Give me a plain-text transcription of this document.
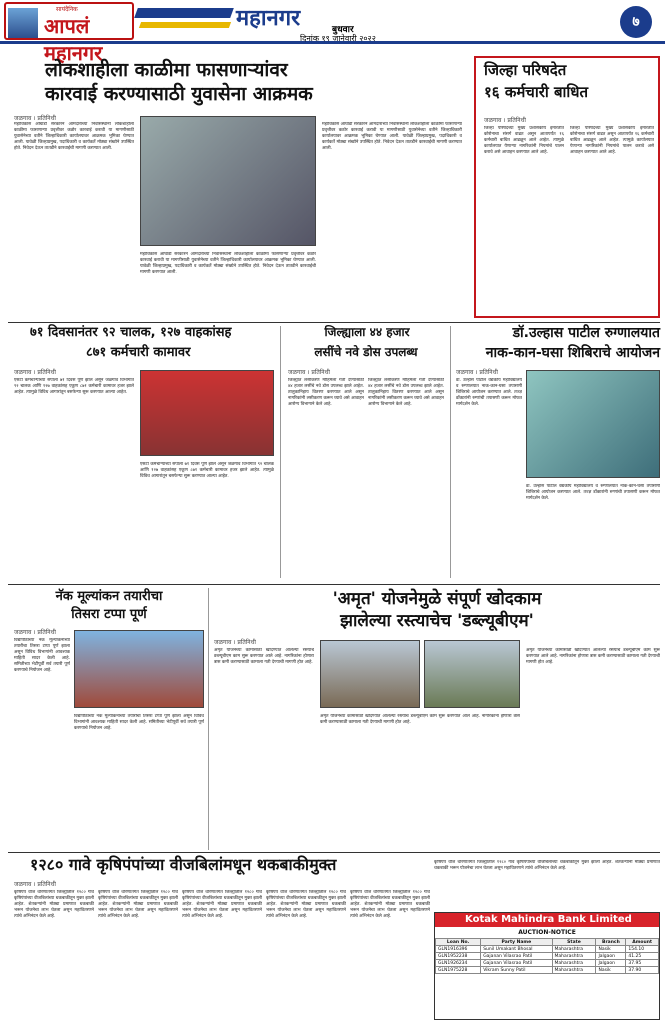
सायंदैनिक
आपलं महानगर
महानगर	बुधवार
दिनांक १९ जानेवारी २०२२
७
लोकशाहीला काळीमा फासणाऱ्यांवर
कारवाई करण्यासाठी युवासेना आक्रमक
जळगाव । प्रतिनिधी
महाविकास आघाडी सरकारने आमदारांच्या निवासस्थानी लोकशाहीला काळीमा फासणाऱ्या प्रवृत्तीवर कठोर कारवाई करावी या मागणीसाठी युवासेनेच्या वतीने जिल्हाधिकारी कार्यालयावर आक्रमक भूमिका घेण्यात आली. यावेळी जिल्हाप्रमुख, पदाधिकारी व कार्यकर्ते मोठ्या संख्येने उपस्थित होते. निवेदन देऊन तातडीने कारवाईची मागणी करण्यात आली.
महाविकास आघाडी सरकारने आमदारांच्या निवासस्थानी लोकशाहीला काळीमा फासणाऱ्या प्रवृत्तीवर कठोर कारवाई करावी या मागणीसाठी युवासेनेच्या वतीने जिल्हाधिकारी कार्यालयावर आक्रमक भूमिका घेण्यात आली. यावेळी जिल्हाप्रमुख, पदाधिकारी व कार्यकर्ते मोठ्या संख्येने उपस्थित होते. निवेदन देऊन तातडीने कारवाईची मागणी करण्यात आली.
महाविकास आघाडी सरकारने आमदारांच्या निवासस्थानी लोकशाहीला काळीमा फासणाऱ्या प्रवृत्तीवर कठोर कारवाई करावी या मागणीसाठी युवासेनेच्या वतीने जिल्हाधिकारी कार्यालयावर आक्रमक भूमिका घेण्यात आली. यावेळी जिल्हाप्रमुख, पदाधिकारी व कार्यकर्ते मोठ्या संख्येने उपस्थित होते. निवेदन देऊन तातडीने कारवाईची मागणी करण्यात आली.
जिल्हा परिषदेत
१६ कर्मचारी बाधित
जळगाव । प्रतिनिधी
जिल्हा परिषदेच्या मुख्य प्रशासकीय इमारतीत कोरोनाचा संसर्ग वाढत असून आतापर्यंत १६ कर्मचारी बाधित आढळून आले आहेत. त्यामुळे कार्यालयात येणाऱ्या नागरिकांनी नियमांचे पालन करावे असे आवाहन करण्यात आले आहे.
जिल्हा परिषदेच्या मुख्य प्रशासकीय इमारतीत कोरोनाचा संसर्ग वाढत असून आतापर्यंत १६ कर्मचारी बाधित आढळून आले आहेत. त्यामुळे कार्यालयात येणाऱ्या नागरिकांनी नियमांचे पालन करावे असे आवाहन करण्यात आले आहे.
७१ दिवसानंतर ९२ चालक, १२७ वाहकांसह
८७१ कर्मचारी कामावर
जळगाव । प्रतिनिधी
एसटी कर्मचाऱ्यांच्या संपाला ७१ दिवस पूर्ण झाले असून जळगाव विभागात ९२ चालक आणि १२७ वाहकांसह एकूण ८७१ कर्मचारी कामावर हजर झाले आहेत. त्यामुळे विविध आगारांतून बसफेऱ्या सुरू करण्यात आल्या आहेत.
एसटी कर्मचाऱ्यांच्या संपाला ७१ दिवस पूर्ण झाले असून जळगाव विभागात ९२ चालक आणि १२७ वाहकांसह एकूण ८७१ कर्मचारी कामावर हजर झाले आहेत. त्यामुळे विविध आगारांतून बसफेऱ्या सुरू करण्यात आल्या आहेत.
जिल्ह्याला ४४ हजार
लसींचे नवे डोस उपलब्ध
जळगाव । प्रतिनिधी
जिल्ह्यात लसीकरण मोहिमेला गती देण्यासाठी ४४ हजार लसींचे नवे डोस उपलब्ध झाले आहेत. तालुकानिहाय वितरण करण्यात आले असून नागरिकांनी लसीकरण करून घ्यावे असे आवाहन आरोग्य विभागाने केले आहे.
जिल्ह्यात लसीकरण मोहिमेला गती देण्यासाठी ४४ हजार लसींचे नवे डोस उपलब्ध झाले आहेत. तालुकानिहाय वितरण करण्यात आले असून नागरिकांनी लसीकरण करून घ्यावे असे आवाहन आरोग्य विभागाने केले आहे.
डॉ.उल्हास पाटील रुग्णालयात
नाक-कान-घसा शिबिराचे आयोजन
जळगाव । प्रतिनिधी
डॉ. उल्हास पाटील वैद्यकीय महाविद्यालय व रुग्णालयात नाक-कान-घसा तपासणी शिबिराचे आयोजन करण्यात आले. तज्ज्ञ डॉक्टरांनी रुग्णांची तपासणी करून मोफत मार्गदर्शन केले.
डॉ. उल्हास पाटील वैद्यकीय महाविद्यालय व रुग्णालयात नाक-कान-घसा तपासणी शिबिराचे आयोजन करण्यात आले. तज्ज्ञ डॉक्टरांनी रुग्णांची तपासणी करून मोफत मार्गदर्शन केले.
नॅक मूल्यांकन तयारीचा
तिसरा टप्पा पूर्ण
जळगाव । प्रतिनिधी
विद्यापीठाच्या नॅक मूल्यांकनाच्या तयारीचा तिसरा टप्पा पूर्ण झाला असून विविध विभागांनी आवश्यक माहिती सादर केली आहे. समितीच्या भेटीपूर्वी सर्व तयारी पूर्ण करण्याचे नियोजन आहे.
विद्यापीठाच्या नॅक मूल्यांकनाच्या तयारीचा तिसरा टप्पा पूर्ण झाला असून विविध विभागांनी आवश्यक माहिती सादर केली आहे. समितीच्या भेटीपूर्वी सर्व तयारी पूर्ण करण्याचे नियोजन आहे.
'अमृत' योजनेमुळे संपूर्ण खोदकाम
झालेल्या रस्त्याचेच 'डब्ल्यूबीएम'
जळगाव । प्रतिनिधी
अमृत योजनेच्या कामासाठी खोदण्यात आलेल्या रस्त्यांचे डब्ल्यूबीएम काम सुरू करण्यात आले आहे. नागरिकांना होणारा त्रास कमी करण्यासाठी कामाला गती देण्याची मागणी होत आहे.
अमृत योजनेच्या कामासाठी खोदण्यात आलेल्या रस्त्यांचे डब्ल्यूबीएम काम सुरू करण्यात आले आहे. नागरिकांना होणारा त्रास कमी करण्यासाठी कामाला गती देण्याची मागणी होत आहे.
अमृत योजनेच्या कामासाठी खोदण्यात आलेल्या रस्त्यांचे डब्ल्यूबीएम काम सुरू करण्यात आले आहे. नागरिकांना होणारा त्रास कमी करण्यासाठी कामाला गती देण्याची मागणी होत आहे.
१२८० गावे कृषिपंपांच्या वीजबिलांमधून थकबाकीमुक्त
जळगाव । प्रतिनिधी
कृषिपंप वीज धोरणांतर्गत जिल्ह्यातील १२८० गावे कृषिपंपांच्या वीजबिलांच्या थकबाकीतून मुक्त झाली आहेत. शेतकऱ्यांनी मोठ्या प्रमाणात थकबाकी भरून योजनेचा लाभ घेतला असून महावितरणने त्यांचे अभिनंदन केले आहे.
कृषिपंप वीज धोरणांतर्गत जिल्ह्यातील १२८० गावे कृषिपंपांच्या वीजबिलांच्या थकबाकीतून मुक्त झाली आहेत. शेतकऱ्यांनी मोठ्या प्रमाणात थकबाकी भरून योजनेचा लाभ घेतला असून महावितरणने त्यांचे अभिनंदन केले आहे.
कृषिपंप वीज धोरणांतर्गत जिल्ह्यातील १२८० गावे कृषिपंपांच्या वीजबिलांच्या थकबाकीतून मुक्त झाली आहेत. शेतकऱ्यांनी मोठ्या प्रमाणात थकबाकी भरून योजनेचा लाभ घेतला असून महावितरणने त्यांचे अभिनंदन केले आहे.
कृषिपंप वीज धोरणांतर्गत जिल्ह्यातील १२८० गावे कृषिपंपांच्या वीजबिलांच्या थकबाकीतून मुक्त झाली आहेत. शेतकऱ्यांनी मोठ्या प्रमाणात थकबाकी भरून योजनेचा लाभ घेतला असून महावितरणने त्यांचे अभिनंदन केले आहे.
कृषिपंप वीज धोरणांतर्गत जिल्ह्यातील १२८० गावे कृषिपंपांच्या वीजबिलांच्या थकबाकीतून मुक्त झाली आहेत. शेतकऱ्यांनी मोठ्या प्रमाणात थकबाकी भरून योजनेचा लाभ घेतला असून महावितरणने त्यांचे अभिनंदन केले आहे.
कृषिपंप वीज धोरणांतर्गत जिल्ह्यातील १२८० गावे कृषिपंपांच्या वीजबिलांच्या थकबाकीतून मुक्त झाली आहेत. शेतकऱ्यांनी मोठ्या प्रमाणात थकबाकी भरून योजनेचा लाभ घेतला असून महावितरणने त्यांचे अभिनंदन केले आहे.
Kotak Mahindra Bank Limited
AUCTION-NOTICE
Loan No.	Party Name	State	Branch	Amount
GLN1916396	Sunil Umakant Bhosal	Maharashtra	Nasik	154.10
GLN1952238	Gajanan Vilasrao Patil	Maharashtra	Jalgaon	41.25
GLN1926234	Gajanan Vilasrao Patil	Maharashtra	Jalgaon	37.95
GLN1975228	Vikram Sunny Patil	Maharashtra	Nasik	37.90
